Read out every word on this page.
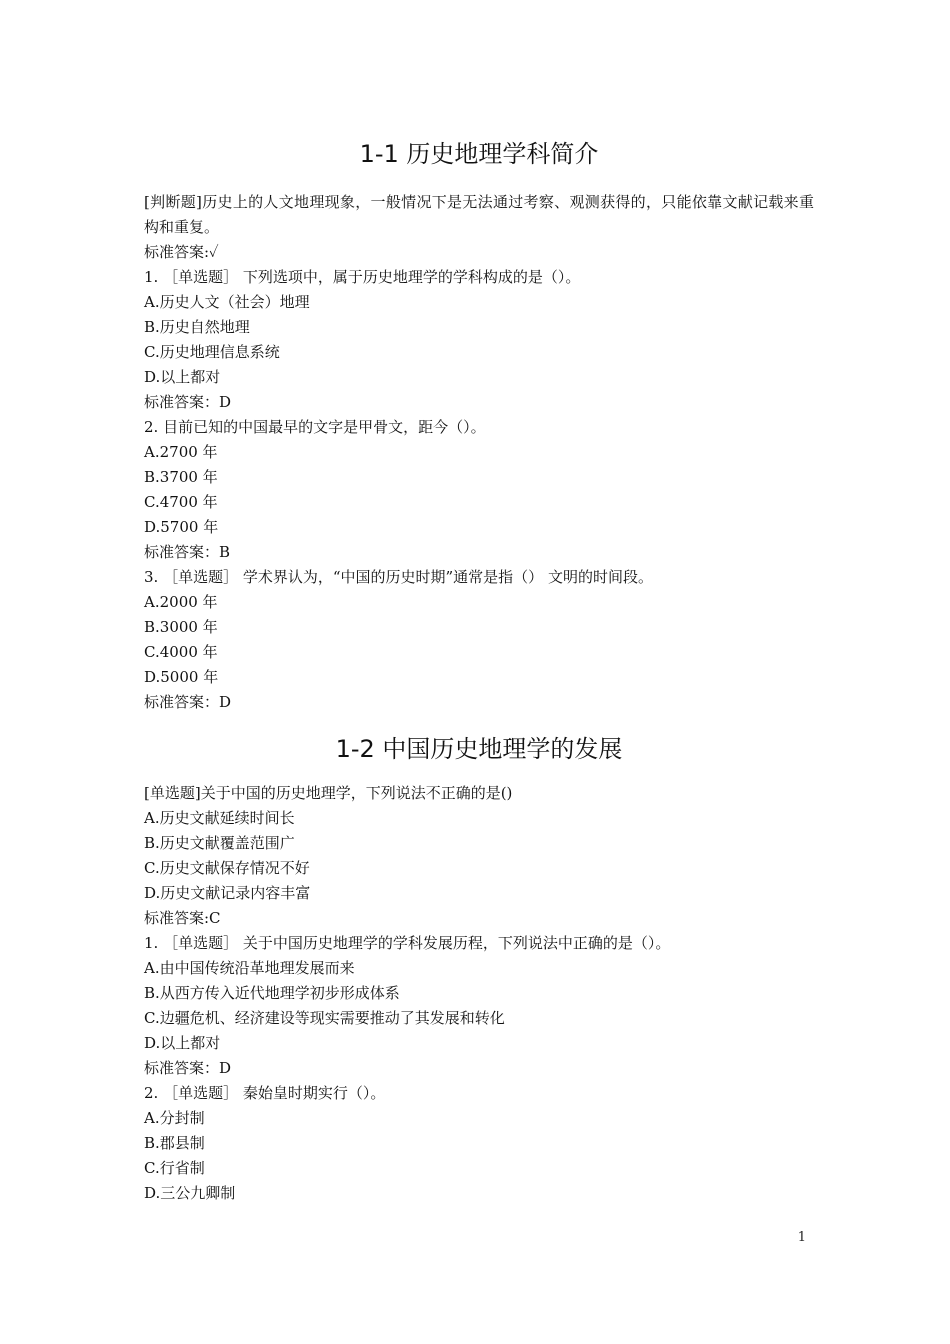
1-1 历史地理学科简介

[判断题]历史上的人文地理现象，一般情况下是无法通过考察、观测获得的，只能依靠文献记载来重构和重复。

标准答案:✓

1. ［单选题］ 下列选项中，属于历史地理学的学科构成的是（）。

A.历史人文（社会）地理

B.历史自然地理

C.历史地理信息系统

D.以上都对

标准答案：D

2. 目前已知的中国最早的文字是甲骨文，距今（）。

A.2700 年

B.3700 年

C.4700 年

D.5700 年

标准答案：B

3. ［单选题］ 学术界认为，“中国的历史时期”通常是指（） 文明的时间段。

A.2000 年

B.3000 年

C.4000 年

D.5000 年

标准答案：D

1-2 中国历史地理学的发展

[单选题]关于中国的历史地理学，下列说法不正确的是()

A.历史文献延续时间长

B.历史文献覆盖范围广

C.历史文献保存情况不好

D.历史文献记录内容丰富

标准答案:C

1. ［单选题］ 关于中国历史地理学的学科发展历程，下列说法中正确的是（）。

A.由中国传统沿革地理发展而来

B.从西方传入近代地理学初步形成体系

C.边疆危机、经济建设等现实需要推动了其发展和转化

D.以上都对

标准答案：D

2. ［单选题］ 秦始皇时期实行（）。

A.分封制

B.郡县制

C.行省制

D.三公九卿制

1
